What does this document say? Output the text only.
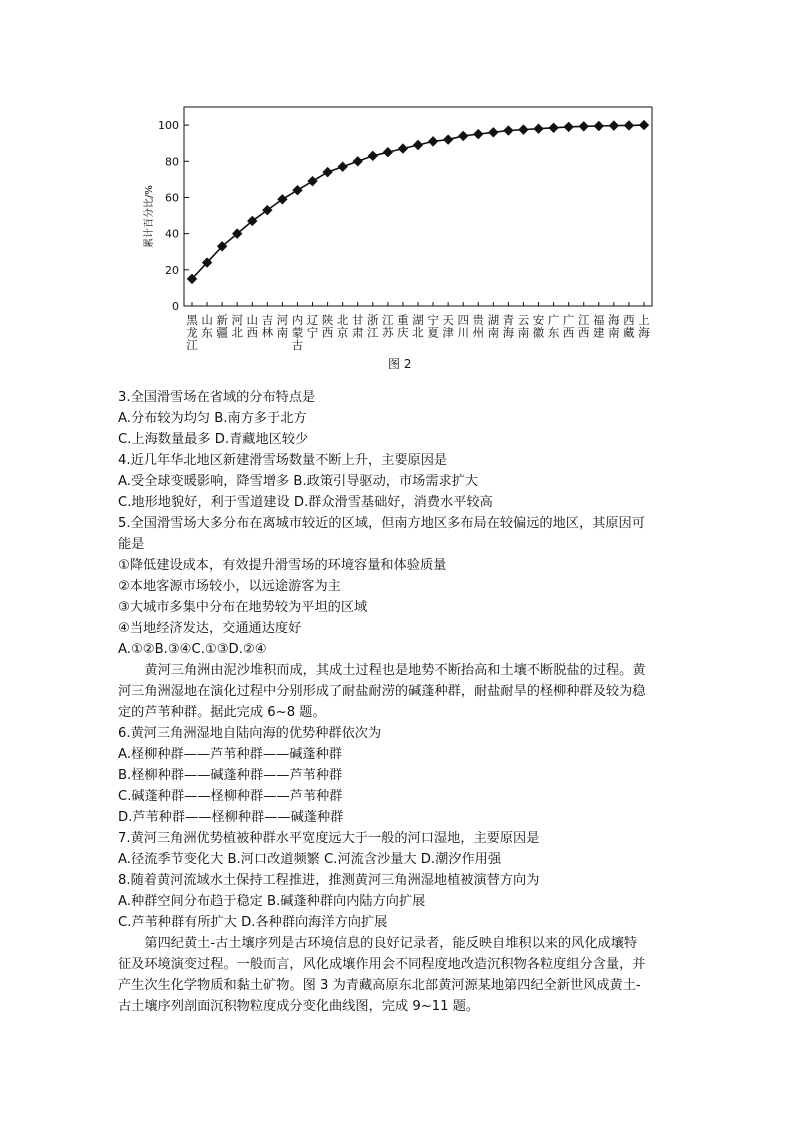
0
20
40
60
80
100
累计百分比/%
黑龙江
山东
新疆
河北
山西
吉林
河南
内蒙古
辽宁
陕西
北京
甘肃
浙江
江苏
重庆
湖北
宁夏
天津
四川
贵州
湖南
青海
云南
安徽
广东
广西
江西
福建
海南
西藏
上海
图 2

3.全国滑雪场在省域的分布特点是

A.分布较为均匀 B.南方多于北方

C.上海数量最多 D.青藏地区较少

4.近几年华北地区新建滑雪场数量不断上升，主要原因是

A.受全球变暖影响，降雪增多 B.政策引导驱动，市场需求扩大

C.地形地貌好，利于雪道建设 D.群众滑雪基础好，消费水平较高

5.全国滑雪场大多分布在离城市较近的区域，但南方地区多布局在较偏远的地区，其原因可

能是

①降低建设成本，有效提升滑雪场的环境容量和体验质量

②本地客源市场较小，以远途游客为主

③大城市多集中分布在地势较为平坦的区域

④当地经济发达，交通通达度好

A.①②B.③④C.①③D.②④

黄河三角洲由泥沙堆积而成，其成土过程也是地势不断抬高和土壤不断脱盐的过程。黄

河三角洲湿地在演化过程中分别形成了耐盐耐涝的碱蓬种群，耐盐耐旱的柽柳种群及较为稳

定的芦苇种群。据此完成 6~8 题。

6.黄河三角洲湿地自陆向海的优势种群依次为

A.柽柳种群——芦苇种群——碱蓬种群

B.柽柳种群——碱蓬种群——芦苇种群

C.碱蓬种群——柽柳种群——芦苇种群

D.芦苇种群——柽柳种群——碱蓬种群

7.黄河三角洲优势植被种群水平宽度远大于一般的河口湿地，主要原因是

A.径流季节变化大 B.河口改道频繁 C.河流含沙量大 D.潮汐作用强

8.随着黄河流域水土保持工程推进，推测黄河三角洲湿地植被演替方向为

A.种群空间分布趋于稳定 B.碱蓬种群向内陆方向扩展

C.芦苇种群有所扩大 D.各种群向海洋方向扩展

第四纪黄土-古土壤序列是古环境信息的良好记录者，能反映自堆积以来的风化成壤特

征及环境演变过程。一般而言，风化成壤作用会不同程度地改造沉积物各粒度组分含量，并

产生次生化学物质和黏土矿物。图 3 为青藏高原东北部黄河源某地第四纪全新世风成黄土-

古土壤序列剖面沉积物粒度成分变化曲线图，完成 9~11 题。
